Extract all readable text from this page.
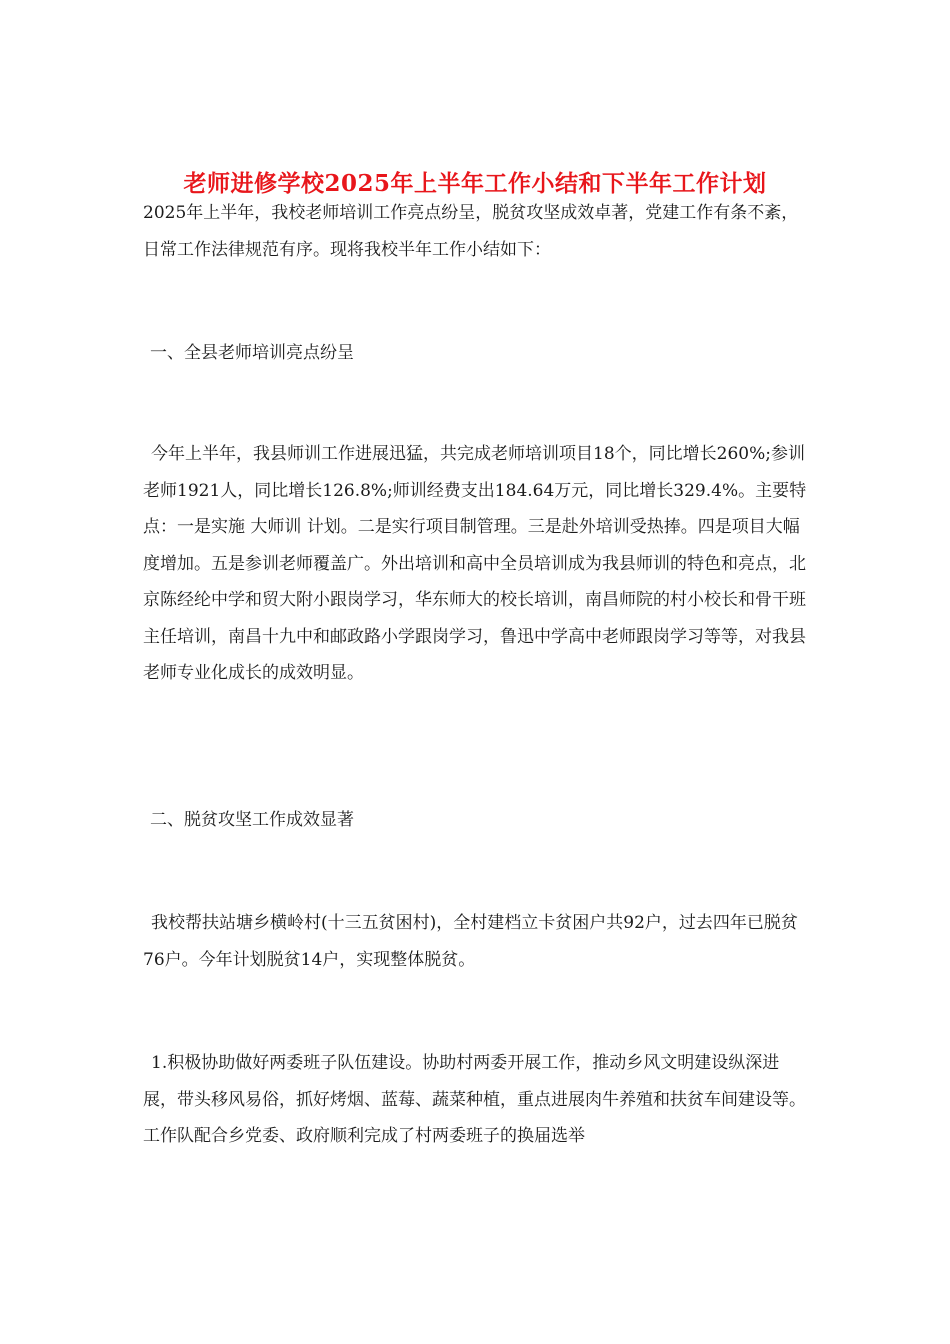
老师进修学校2025年上半年工作小结和下半年工作计划

2025年上半年，我校老师培训工作亮点纷呈，脱贫攻坚成效卓著，党建工作有条不紊，日常工作法律规范有序。现将我校半年工作小结如下：

一、全县老师培训亮点纷呈

今年上半年，我县师训工作进展迅猛，共完成老师培训项目18个，同比增长260%;参训老师1921人，同比增长126.8%;师训经费支出184.64万元，同比增长329.4%。主要特点：一是实施 大师训 计划。二是实行项目制管理。三是赴外培训受热捧。四是项目大幅度增加。五是参训老师覆盖广。外出培训和高中全员培训成为我县师训的特色和亮点，北京陈经纶中学和贸大附小跟岗学习，华东师大的校长培训，南昌师院的村小校长和骨干班主任培训，南昌十九中和邮政路小学跟岗学习，鲁迅中学高中老师跟岗学习等等，对我县老师专业化成长的成效明显。

二、脱贫攻坚工作成效显著

我校帮扶站塘乡横岭村(十三五贫困村)，全村建档立卡贫困户共92户，过去四年已脱贫76户。今年计划脱贫14户，实现整体脱贫。

1.积极协助做好两委班子队伍建设。协助村两委开展工作，推动乡风文明建设纵深进展，带头移风易俗，抓好烤烟、蓝莓、蔬菜种植，重点进展肉牛养殖和扶贫车间建设等。工作队配合乡党委、政府顺利完成了村两委班子的换届选举
